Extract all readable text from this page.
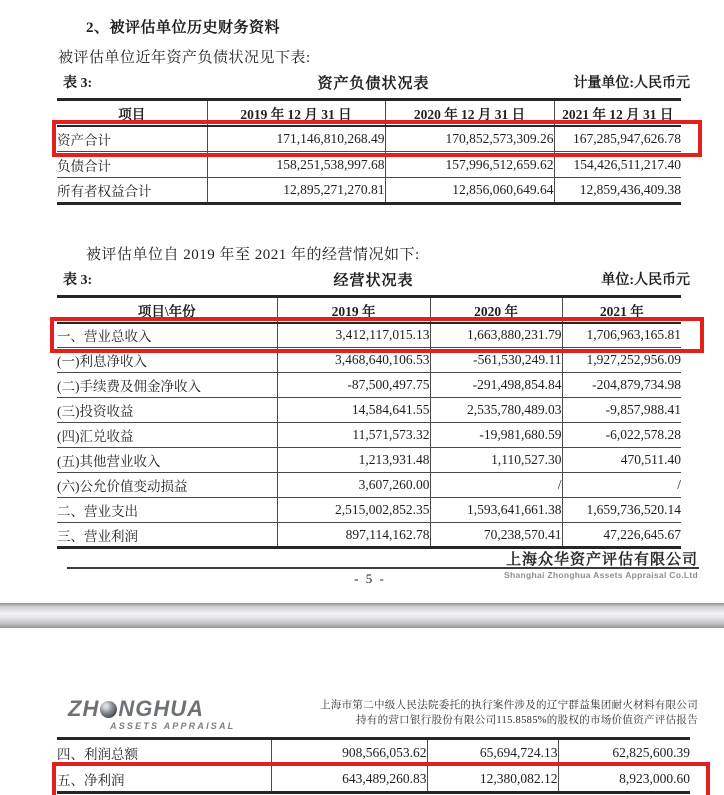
2、被评估单位历史财务资料
被评估单位近年资产负债状况见下表:
表 3:	资产负债状况表	计量单位:人民币元
项目	2019 年 12 月 31 日	2020 年 12 月 31 日	2021 年 12 月 31 日
资产合计	171,146,810,268.49	170,852,573,309.26	167,285,947,626.78
负债合计	158,251,538,997.68	157,996,512,659.62	154,426,511,217.40
所有者权益合计	12,895,271,270.81	12,856,060,649.64	12,859,436,409.38
被评估单位自 2019 年至 2021 年的经营情况如下:
表 3:	经营状况表	单位:人民币元
项目\年份	2019 年	2020 年	2021 年
一、营业总收入	3,412,117,015.13	1,663,880,231.79	1,706,963,165.81
(一)利息净收入	3,468,640,106.53	-561,530,249.11	1,927,252,956.09
(二)手续费及佣金净收入	-87,500,497.75	-291,498,854.84	-204,879,734.98
(三)投资收益	14,584,641.55	2,535,780,489.03	-9,857,988.41
(四)汇兑收益	11,571,573.32	-19,981,680.59	-6,022,578.28
(五)其他营业收入	1,213,931.48	1,110,527.30	470,511.40
(六)公允价值变动损益	3,607,260.00	/	/
二、营业支出	2,515,002,852.35	1,593,641,661.38	1,659,736,520.14
三、营业利润	897,114,162.78	70,238,570.41	47,226,645.67
上海众华资产评估有限公司
Shanghai Zhonghua Assets Appraisal Co.Ltd
- 5 -
ZH NGHUA
ASSETS APPRAISAL
上海市第二中级人民法院委托的执行案件涉及的辽宁群益集团耐火材料有限公司
持有的营口银行股份有限公司115.8585%的股权的市场价值资产评估报告
四、利润总额	908,566,053.62	65,694,724.13	62,825,600.39
五、净利润	643,489,260.83	12,380,082.12	8,923,000.60
